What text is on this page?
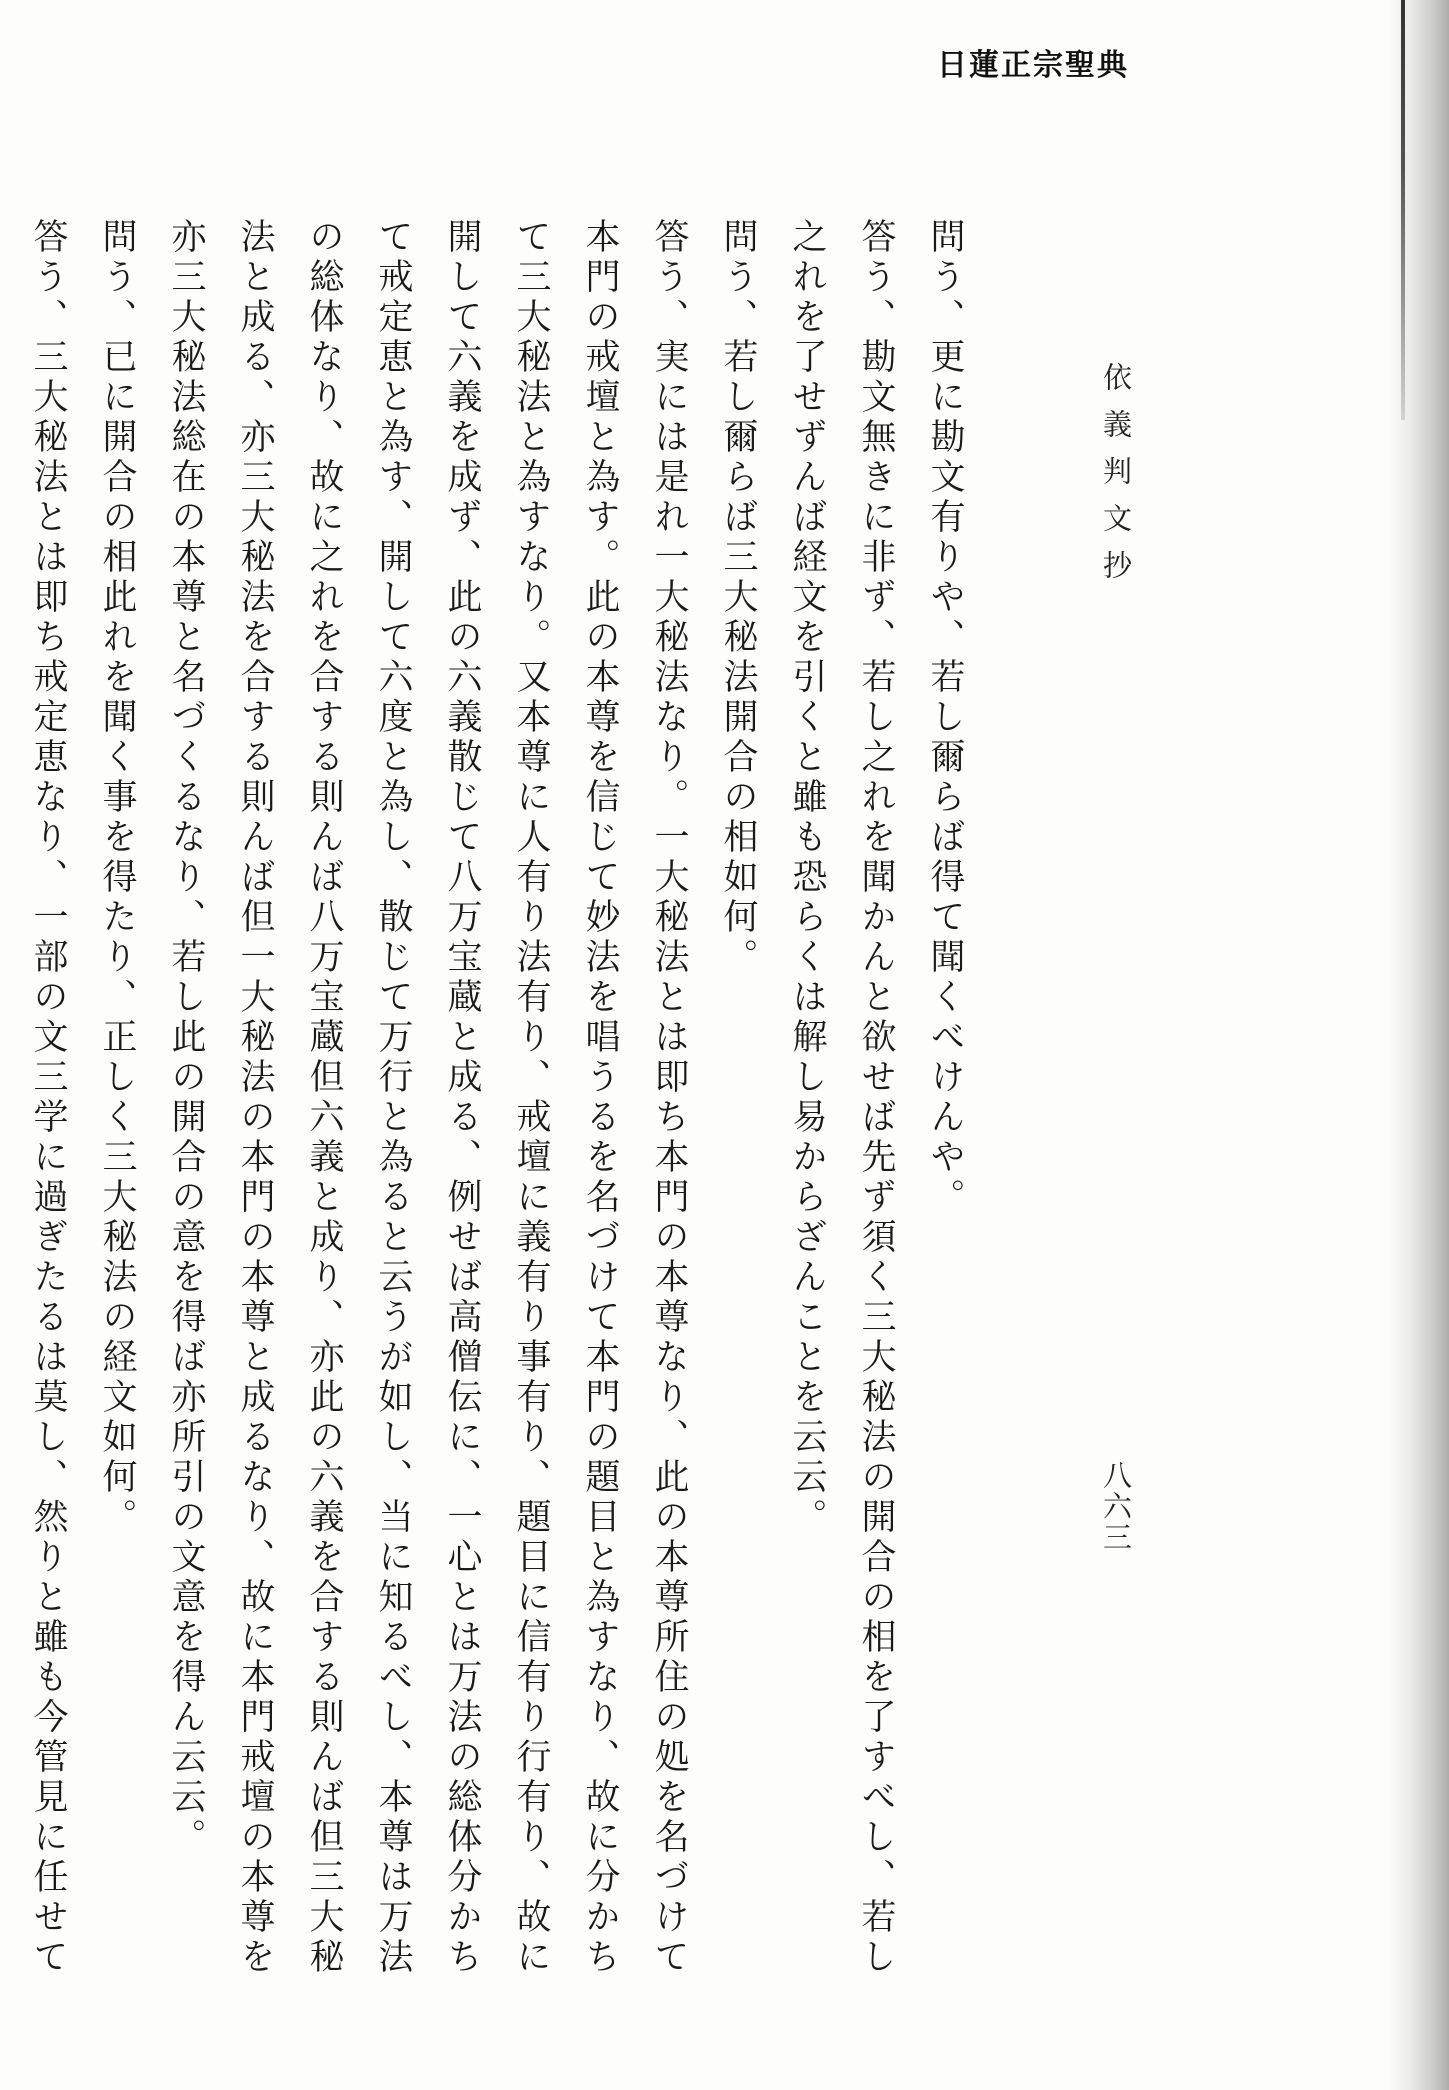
日蓮正宗聖典

問う、更に勘文有りや、若し爾らば得て聞くべけんや。

答う、勘文無きに非ず、若し之れを聞かんと欲せば先ず須く三大秘法の開合の相を了すべし、若し之れを了せずんば経文を引くと雖も恐らくは解し易からざんことを云云。

問う、若し爾らば三大秘法開合の相如何。

答う、実には是れ一大秘法なり。一大秘法とは即ち本門の本尊なり、此の本尊所住の処を名づけて本門の戒壇と為す。此の本尊を信じて妙法を唱うるを名づけて本門の題目と為すなり、故に分かちて三大秘法と為すなり。又本尊に人有り法有り、戒壇に義有り事有り、題目に信有り行有り、故に開して六義を成ず、此の六義散じて八万宝蔵と成る、例せば高僧伝に、一心とは万法の総体分かちて戒定恵と為す、開して六度と為し、散じて万行と為ると云うが如し、当に知るべし、本尊は万法の総体なり、故に之れを合する則んば八万宝蔵但六義と成り、亦此の六義を合する則んば但三大秘法と成る、亦三大秘法を合する則んば但一大秘法の本門の本尊と成るなり、故に本門戒壇の本尊を亦三大秘法総在の本尊と名づくるなり、若し此の開合の意を得ば亦所引の文意を得ん云云。

問う、已に開合の相此れを聞く事を得たり、正しく三大秘法の経文如何。

答う、三大秘法とは即ち戒定恵なり、一部の文三学に過ぎたるは莫し、然りと雖も今管見に任せて

依義判文抄
八六三
